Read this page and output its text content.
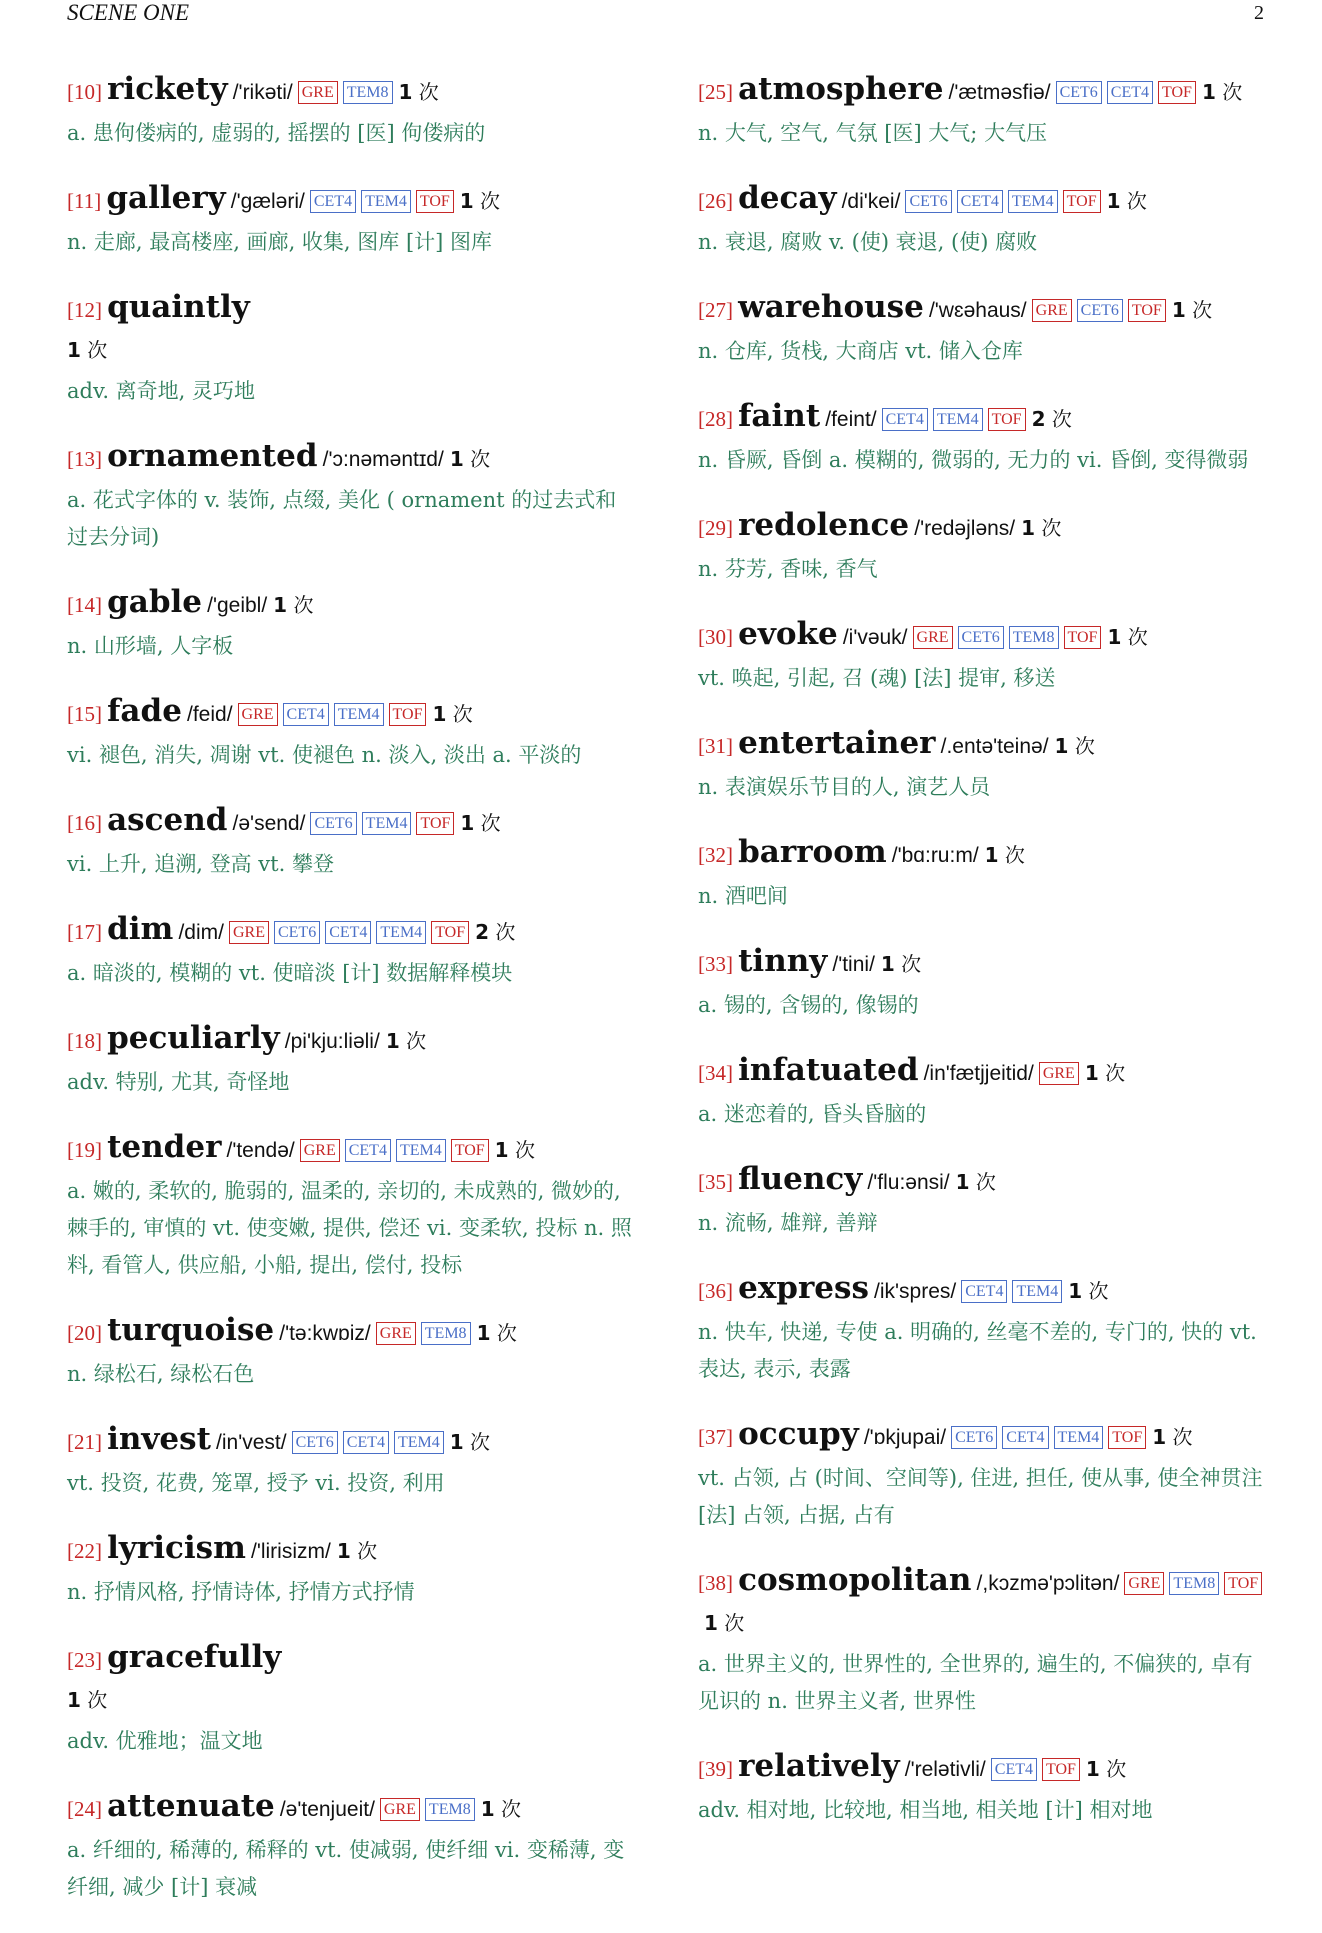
SCENE ONE	2
[10] rickety /'rikəti/ GRE TEM8 1 次
a. 患佝偻病的, 虚弱的, 摇摆的 [医] 佝偻病的
[11] gallery /'gæləri/ CET4 TEM4 TOF 1 次
n. 走廊, 最高楼座, 画廊, 收集, 图库 [计] 图库
[12] quaintly
1 次
adv. 离奇地, 灵巧地
[13] ornamented /'ɔ:nəməntɪd/ 1 次
a. 花式字体的 v. 装饰, 点缀, 美化 ( ornament 的过去式和过去分词)
[14] gable /'geibl/ 1 次
n. 山形墙, 人字板
[15] fade /feid/ GRE CET4 TEM4 TOF 1 次
vi. 褪色, 消失, 凋谢 vt. 使褪色 n. 淡入, 淡出 a. 平淡的
[16] ascend /ə'send/ CET6 TEM4 TOF 1 次
vi. 上升, 追溯, 登高 vt. 攀登
[17] dim /dim/ GRE CET6 CET4 TEM4 TOF 2 次
a. 暗淡的, 模糊的 vt. 使暗淡 [计] 数据解释模块
[18] peculiarly /pi'kju:liəli/ 1 次
adv. 特别, 尤其, 奇怪地
[19] tender /'tendə/ GRE CET4 TEM4 TOF 1 次
a. 嫩的, 柔软的, 脆弱的, 温柔的, 亲切的, 未成熟的, 微妙的, 棘手的, 审慎的 vt. 使变嫩, 提供, 偿还 vi. 变柔软, 投标 n. 照料, 看管人, 供应船, 小船, 提出, 偿付, 投标
[20] turquoise /'tə:kwɒiz/ GRE TEM8 1 次
n. 绿松石, 绿松石色
[21] invest /in'vest/ CET6 CET4 TEM4 1 次
vt. 投资, 花费, 笼罩, 授予 vi. 投资, 利用
[22] lyricism /'lirisizm/ 1 次
n. 抒情风格, 抒情诗体, 抒情方式抒情
[23] gracefully
1 次
adv. 优雅地；温文地
[24] attenuate /ə'tenjueit/ GRE TEM8 1 次
a. 纤细的, 稀薄的, 稀释的 vt. 使减弱, 使纤细 vi. 变稀薄, 变纤细, 减少 [计] 衰减
[25] atmosphere /'ætməsfiə/ CET6 CET4 TOF 1 次
n. 大气, 空气, 气氛 [医] 大气; 大气压
[26] decay /di'kei/ CET6 CET4 TEM4 TOF 1 次
n. 衰退, 腐败 v. (使) 衰退, (使) 腐败
[27] warehouse /'wɛəhaus/ GRE CET6 TOF 1 次
n. 仓库, 货栈, 大商店 vt. 储入仓库
[28] faint /feint/ CET4 TEM4 TOF 2 次
n. 昏厥, 昏倒 a. 模糊的, 微弱的, 无力的 vi. 昏倒, 变得微弱
[29] redolence /'redəjləns/ 1 次
n. 芬芳, 香味, 香气
[30] evoke /i'vəuk/ GRE CET6 TEM8 TOF 1 次
vt. 唤起, 引起, 召 (魂) [法] 提审, 移送
[31] entertainer /.entə'teinə/ 1 次
n. 表演娱乐节目的人, 演艺人员
[32] barroom /'bɑ:ru:m/ 1 次
n. 酒吧间
[33] tinny /'tini/ 1 次
a. 锡的, 含锡的, 像锡的
[34] infatuated /in'fætjjeitid/ GRE 1 次
a. 迷恋着的, 昏头昏脑的
[35] fluency /'flu:ənsi/ 1 次
n. 流畅, 雄辩, 善辩
[36] express /ik'spres/ CET4 TEM4 1 次
n. 快车, 快递, 专使 a. 明确的, 丝毫不差的, 专门的, 快的 vt. 表达, 表示, 表露
[37] occupy /'ɒkjupai/ CET6 CET4 TEM4 TOF 1 次
vt. 占领, 占 (时间、空间等), 住进, 担任, 使从事, 使全神贯注 [法] 占领, 占据, 占有
[38] cosmopolitan /,kɔzmə'pɔlitən/ GRE TEM8 TOF1 次
a. 世界主义的, 世界性的, 全世界的, 遍生的, 不偏狭的, 卓有见识的 n. 世界主义者, 世界性
[39] relatively /'relətivli/ CET4 TOF 1 次
adv. 相对地, 比较地, 相当地, 相关地 [计] 相对地
